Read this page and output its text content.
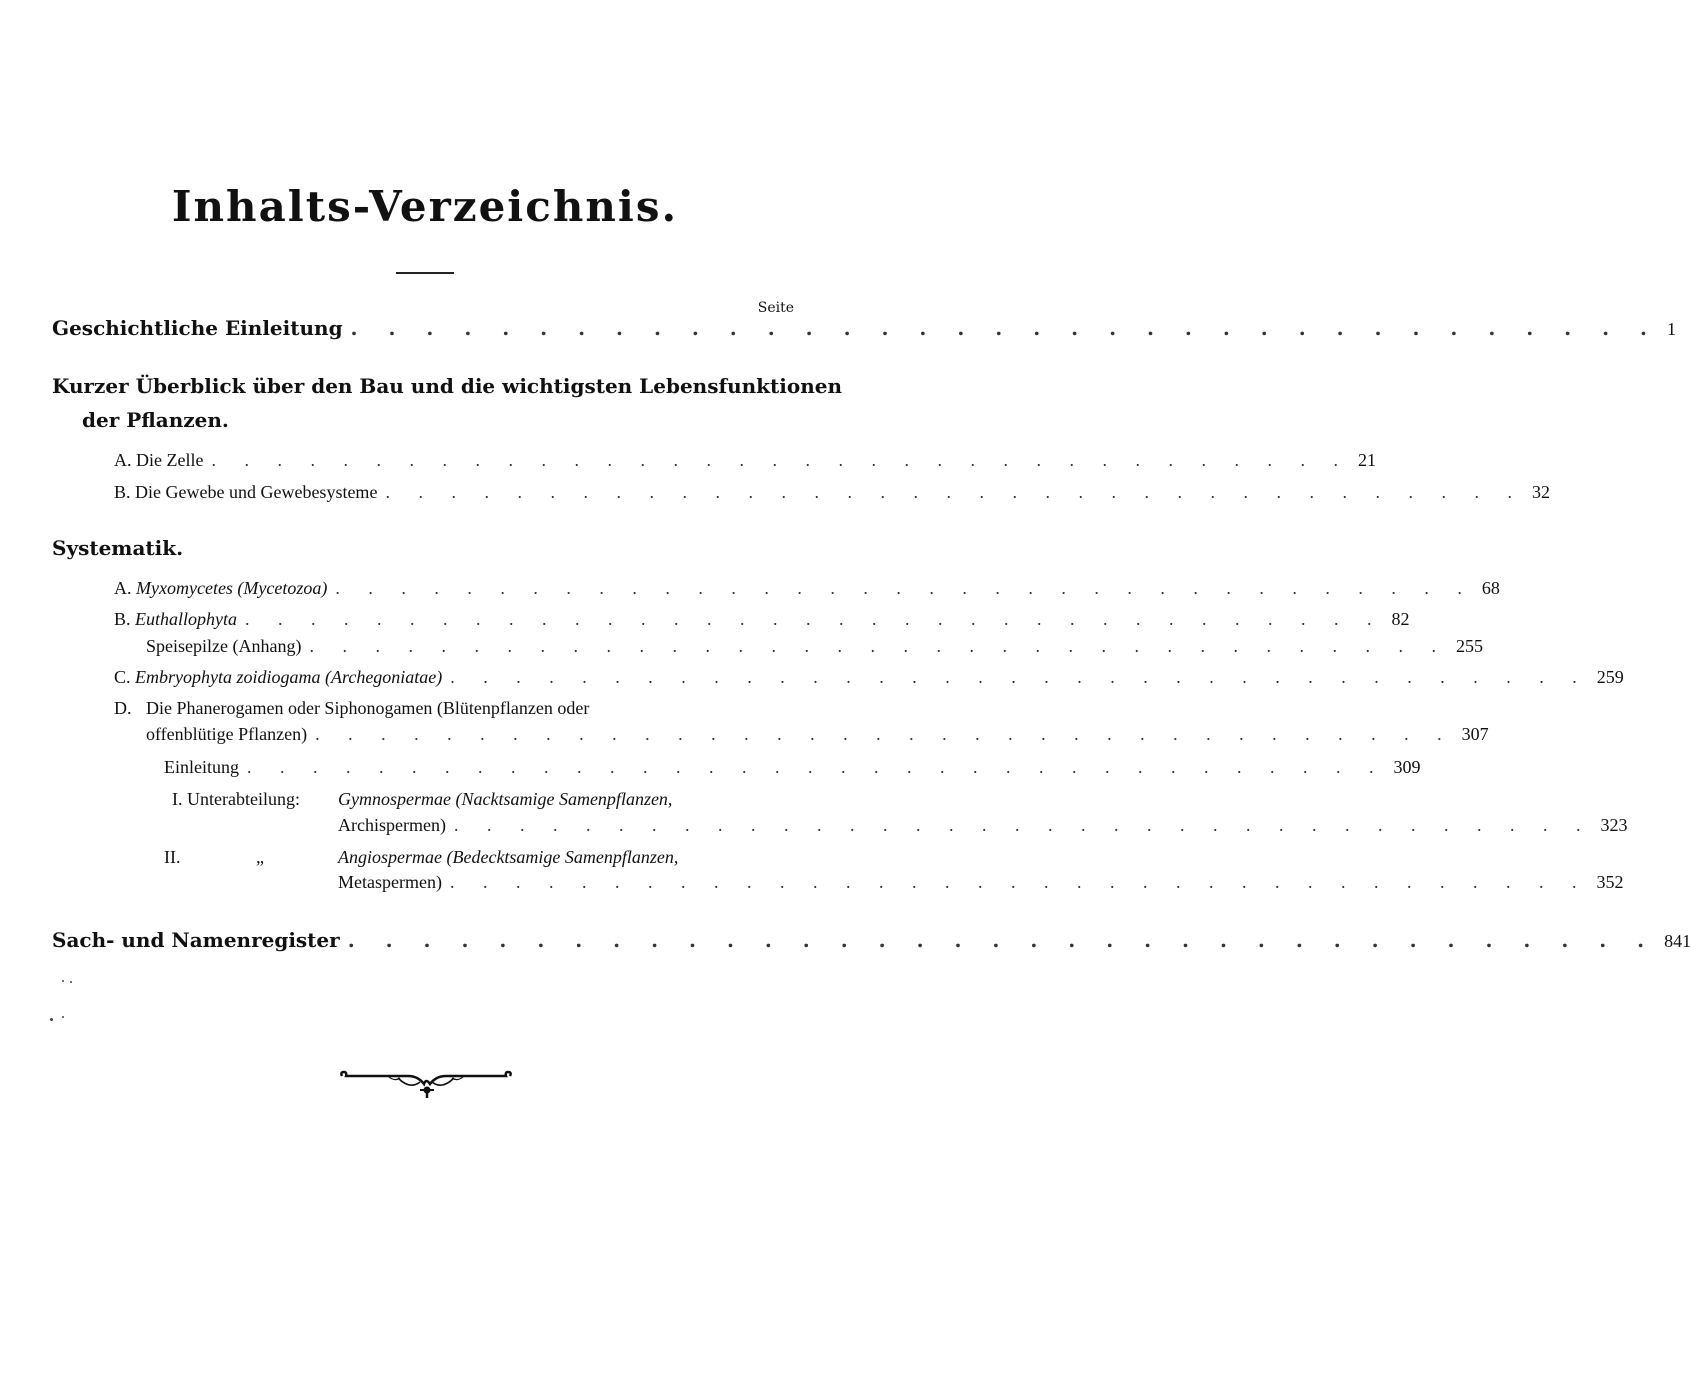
Inhalts-Verzeichnis.
Seite
Geschichtliche Einleitung . . . . . . . . . . . . . . . . . . . . . . . . . . . . . . . . . . . 1
Kurzer Überblick über den Bau und die wichtigsten Lebensfunktionen
der Pflanzen.
A.
Die Zelle . . . . . . . . . . . . . . . . . . . . . . . . . . . . . . . . . . . 21
B.
Die Gewebe und Gewebesysteme . . . . . . . . . . . . . . . . . . . . . . . . . . . . . . . . . . . 32
Systematik.
A.
Myxomycetes (Mycetozoa) . . . . . . . . . . . . . . . . . . . . . . . . . . . . . . . . . . . 68
B.
Euthallophyta . . . . . . . . . . . . . . . . . . . . . . . . . . . . . . . . . . . 82
Speisepilze (Anhang) . . . . . . . . . . . . . . . . . . . . . . . . . . . . . . . . . . . 255
C.
Embryophyta zoidiogama (Archegoniatae) . . . . . . . . . . . . . . . . . . . . . . . . . . . . . . . . . . . 259
D. Die Phanerogamen oder Siphonogamen (Blütenpflanzen oder
offenblütige Pflanzen) . . . . . . . . . . . . . . . . . . . . . . . . . . . . . . . . . . . 307
Einleitung . . . . . . . . . . . . . . . . . . . . . . . . . . . . . . . . . . . 309
I. Unterabteilung: Gymnospermae (Nacktsamige Samenpflanzen,
Archispermen) . . . . . . . . . . . . . . . . . . . . . . . . . . . . . . . . . . . 323
II.	„	Angiospermae (Bedecktsamige Samenpflanzen,
Metaspermen) . . . . . . . . . . . . . . . . . . . . . . . . . . . . . . . . . . . 352
Sach- und Namenregister . . . . . . . . . . . . . . . . . . . . . . . . . . . . . . . . . . . 841
